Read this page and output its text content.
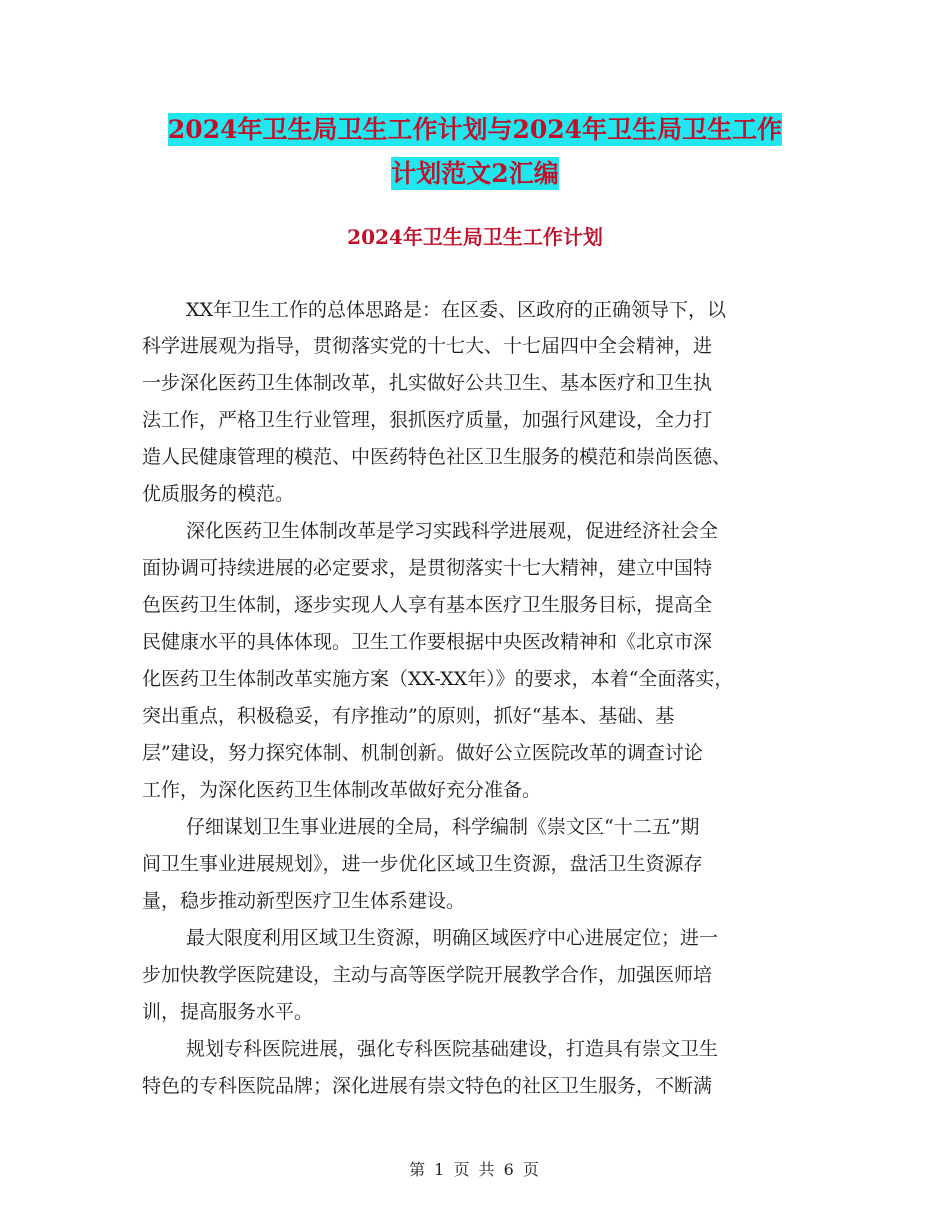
2024年卫生局卫生工作计划与2024年卫生局卫生工作
计划范文2汇编
2024年卫生局卫生工作计划
XX年卫生工作的总体思路是：在区委、区政府的正确领导下，以
科学进展观为指导，贯彻落实党的十七大、十七届四中全会精神，进
一步深化医药卫生体制改革，扎实做好公共卫生、基本医疗和卫生执
法工作，严格卫生行业管理，狠抓医疗质量，加强行风建设，全力打
造人民健康管理的模范、中医药特色社区卫生服务的模范和崇尚医德、
优质服务的模范。
深化医药卫生体制改革是学习实践科学进展观，促进经济社会全
面协调可持续进展的必定要求，是贯彻落实十七大精神，建立中国特
色医药卫生体制，逐步实现人人享有基本医疗卫生服务目标，提高全
民健康水平的具体体现。卫生工作要根据中央医改精神和《北京市深
化医药卫生体制改革实施方案（XX-XX年）》的要求，本着“全面落实，
突出重点，积极稳妥，有序推动”的原则，抓好“基本、基础、基
层”建设，努力探究体制、机制创新。做好公立医院改革的调查讨论
工作，为深化医药卫生体制改革做好充分准备。
仔细谋划卫生事业进展的全局，科学编制《崇文区“十二五”期
间卫生事业进展规划》，进一步优化区域卫生资源，盘活卫生资源存
量，稳步推动新型医疗卫生体系建设。
最大限度利用区域卫生资源，明确区域医疗中心进展定位；进一
步加快教学医院建设，主动与高等医学院开展教学合作，加强医师培
训，提高服务水平。
规划专科医院进展，强化专科医院基础建设，打造具有崇文卫生
特色的专科医院品牌；深化进展有崇文特色的社区卫生服务，不断满
第 1 页 共 6 页
